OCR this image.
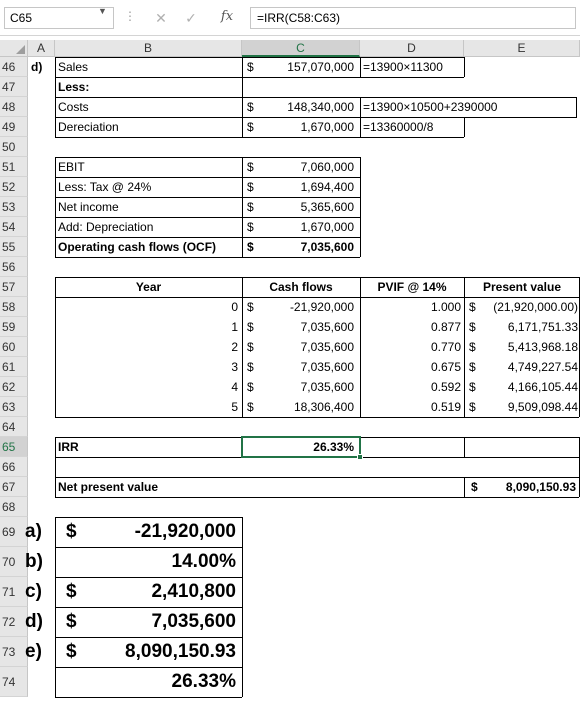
C65	▼ ⋮	✕	✓	fx	=IRR(C58:C63)
A	B	C	D	E
46
47
48
49
50
51
52
53
54
55
56
57
58
59
60
61
62
63
64
65
66
67
68
69
70
71
72
73
74
d)	Sales	$	157,070,000 =13900×11300
Less:
Costs	$	148,340,000 =13900×10500+2390000
Dereciation	$	1,670,000 =13360000/8
EBIT	$	7,060,000
Less: Tax @ 24%	$	1,694,400
Net income	$	5,365,600
Add: Depreciation	$	1,670,000
Operating cash flows (OCF)	$	7,035,600
Year	Cash flows	PVIF @ 14%	Present value
0 $	-21,920,000	1.000 $	(21,920,000.00)
1 $	7,035,600	0.877 $	6,171,751.33
2 $	7,035,600	0.770 $	5,413,968.18
3 $	7,035,600	0.675 $	4,749,227.54
4 $	7,035,600	0.592 $	4,166,105.44
5 $	18,306,400	0.519 $	9,509,098.44
IRR	26.33%
Net present value	$	8,090,150.93
a)	$	-21,920,000
b)	14.00%
c)	$	2,410,800
d)	$	7,035,600
e)	$	8,090,150.93
26.33%
